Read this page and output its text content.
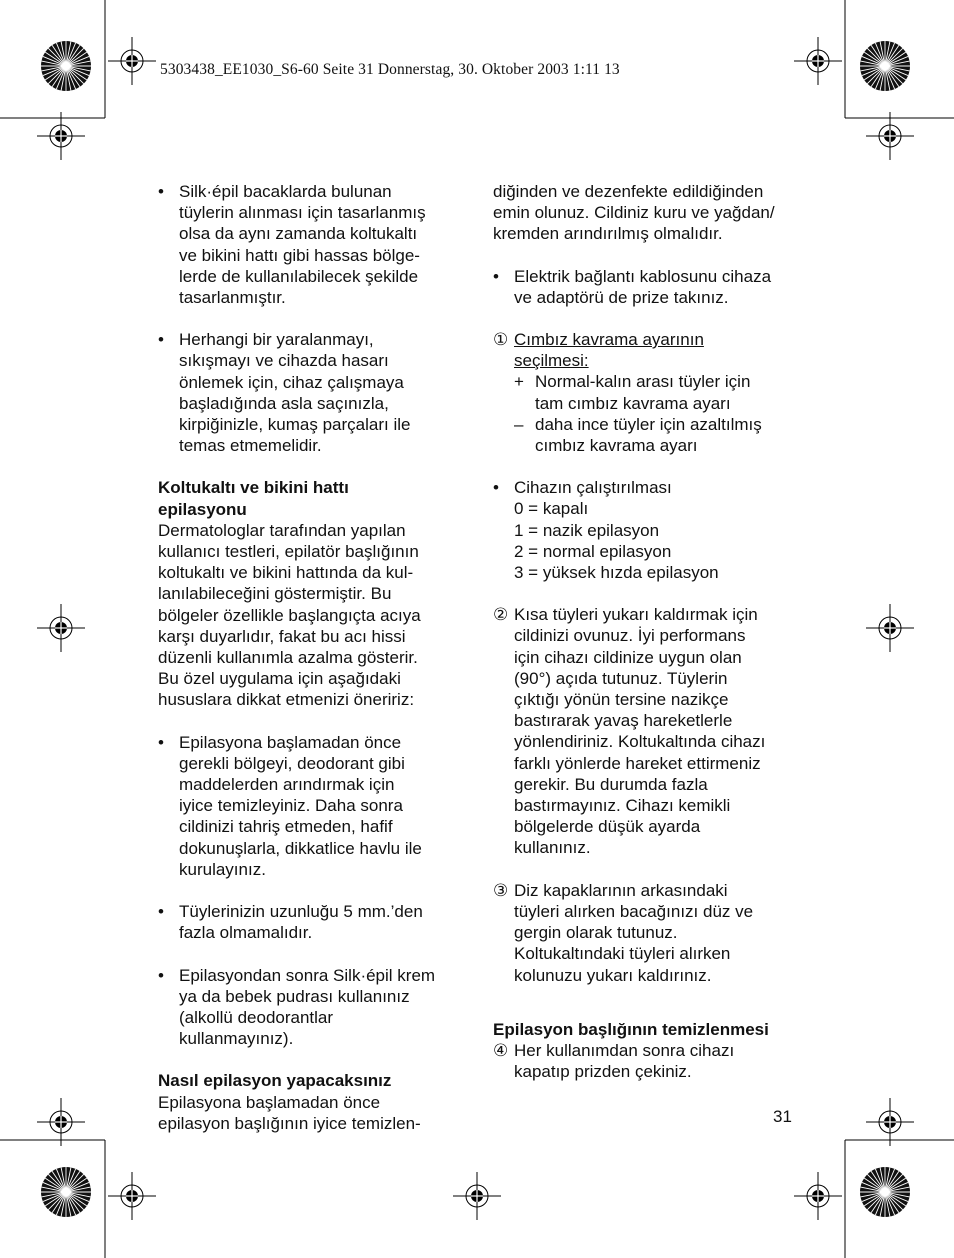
5303438_EE1030_S6-60 Seite 31 Donnerstag, 30. Oktober 2003 1:11 13
• Silk·épil bacaklarda bulunan
tüylerin alınması için tasarlanmış
olsa da aynı zamanda koltukaltı
ve bikini hattı gibi hassas bölge-
lerde de kullanılabilecek şekilde
tasarlanmıştır.
• Herhangi bir yaralanmayı,
sıkışmayı ve cihazda hasarı
önlemek için, cihaz çalışmaya
başladığında asla saçınızla,
kirpiğinizle, kumaş parçaları ile
temas etmemelidir.
Koltukaltı ve bikini hattı
epilasyonu
Dermatologlar tarafından yapılan
kullanıcı testleri, epilatör başlığının
koltukaltı ve bikini hattında da kul-
lanılabileceğini göstermiştir. Bu
bölgeler özellikle başlangıçta acıya
karşı duyarlıdır, fakat bu acı hissi
düzenli kullanımla azalma gösterir.
Bu özel uygulama için aşağıdaki
hususlara dikkat etmenizi öneririz:
• Epilasyona başlamadan önce
gerekli bölgeyi, deodorant gibi
maddelerden arındırmak için
iyice temizleyiniz. Daha sonra
cildinizi tahriş etmeden, hafif
dokunuşlarla, dikkatlice havlu ile
kurulayınız.
• Tüylerinizin uzunluğu 5 mm.’den
fazla olmamalıdır.
• Epilasyondan sonra Silk·épil krem
ya da bebek pudrası kullanınız
(alkollü deodorantlar
kullanmayınız).
Nasıl epilasyon yapacaksınız
Epilasyona başlamadan önce
epilasyon başlığının iyice temizlen-
diğinden ve dezenfekte edildiğinden
emin olunuz. Cildiniz kuru ve yağdan/
kremden arındırılmış olmalıdır.
• Elektrik bağlantı kablosunu cihaza
ve adaptörü de prize takınız.
① Cımbız kavrama ayarının
seçilmesi:
+ Normal-kalın arası tüyler için
tam cımbız kavrama ayarı
– daha ince tüyler için azaltılmış
cımbız kavrama ayarı
• Cihazın çalıştırılması
0 = kapalı
1 = nazik epilasyon
2 = normal epilasyon
3 = yüksek hızda epilasyon
② Kısa tüyleri yukarı kaldırmak için
cildinizi ovunuz. İyi performans
için cihazı cildinize uygun olan
(90°) açıda tutunuz. Tüylerin
çıktığı yönün tersine nazikçe
bastırarak yavaş hareketlerle
yönlendiriniz. Koltukaltında cihazı
farklı yönlerde hareket ettirmeniz
gerekir. Bu durumda fazla
bastırmayınız. Cihazı kemikli
bölgelerde düşük ayarda
kullanınız.
③ Diz kapaklarının arkasındaki
tüyleri alırken bacağınızı düz ve
gergin olarak tutunuz.
Koltukaltındaki tüyleri alırken
kolunuzu yukarı kaldırınız.
Epilasyon başlığının temizlenmesi
④ Her kullanımdan sonra cihazı
kapatıp prizden çekiniz.
31
